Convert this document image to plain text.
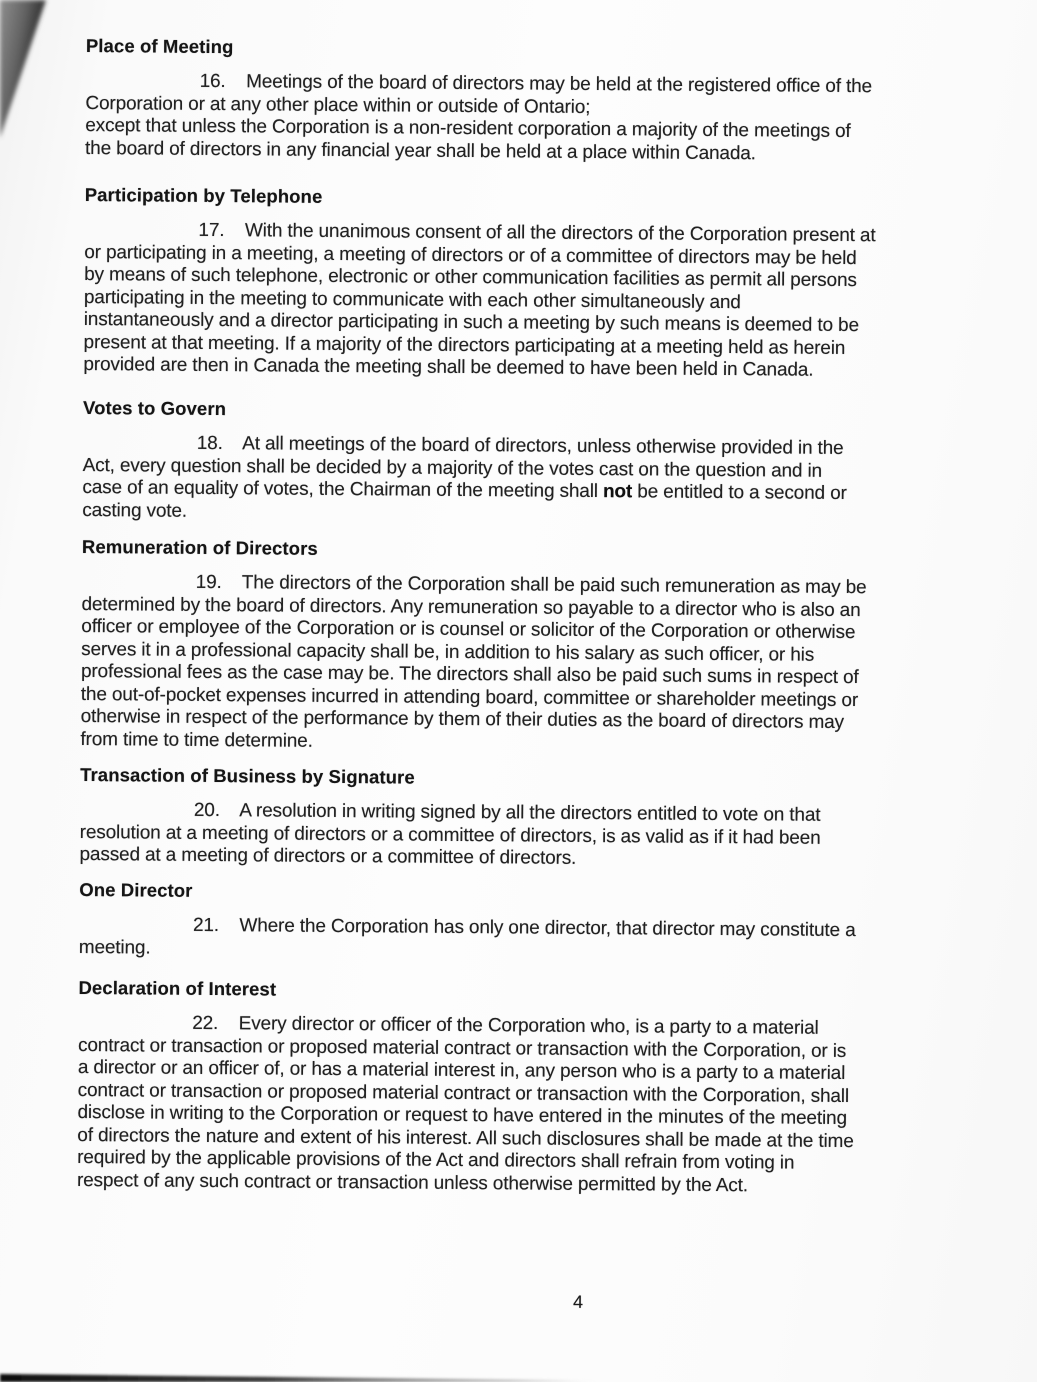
Place of Meeting

16.    Meetings of the board of directors may be held at the registered office of the
Corporation or at any other place within or outside of Ontario;
except that unless the Corporation is a non-resident corporation a majority of the meetings of
the board of directors in any financial year shall be held at a place within Canada.

Participation by Telephone

17.    With the unanimous consent of all the directors of the Corporation present at
or participating in a meeting, a meeting of directors or of a committee of directors may be held
by means of such telephone, electronic or other communication facilities as permit all persons
participating in the meeting to communicate with each other simultaneously and
instantaneously and a director participating in such a meeting by such means is deemed to be
present at that meeting. If a majority of the directors participating at a meeting held as herein
provided are then in Canada the meeting shall be deemed to have been held in Canada.

Votes to Govern

18.    At all meetings of the board of directors, unless otherwise provided in the
Act, every question shall be decided by a majority of the votes cast on the question and in
case of an equality of votes, the Chairman of the meeting shall not be entitled to a second or
casting vote.

Remuneration of Directors

19.    The directors of the Corporation shall be paid such remuneration as may be
determined by the board of directors. Any remuneration so payable to a director who is also an
officer or employee of the Corporation or is counsel or solicitor of the Corporation or otherwise
serves it in a professional capacity shall be, in addition to his salary as such officer, or his
professional fees as the case may be. The directors shall also be paid such sums in respect of
the out-of-pocket expenses incurred in attending board, committee or shareholder meetings or
otherwise in respect of the performance by them of their duties as the board of directors may
from time to time determine.

Transaction of Business by Signature

20.    A resolution in writing signed by all the directors entitled to vote on that
resolution at a meeting of directors or a committee of directors, is as valid as if it had been
passed at a meeting of directors or a committee of directors.

One Director

21.    Where the Corporation has only one director, that director may constitute a
meeting.

Declaration of Interest

22.    Every director or officer of the Corporation who, is a party to a material
contract or transaction or proposed material contract or transaction with the Corporation, or is
a director or an officer of, or has a material interest in, any person who is a party to a material
contract or transaction or proposed material contract or transaction with the Corporation, shall
disclose in writing to the Corporation or request to have entered in the minutes of the meeting
of directors the nature and extent of his interest. All such disclosures shall be made at the time
required by the applicable provisions of the Act and directors shall refrain from voting in
respect of any such contract or transaction unless otherwise permitted by the Act.

4
